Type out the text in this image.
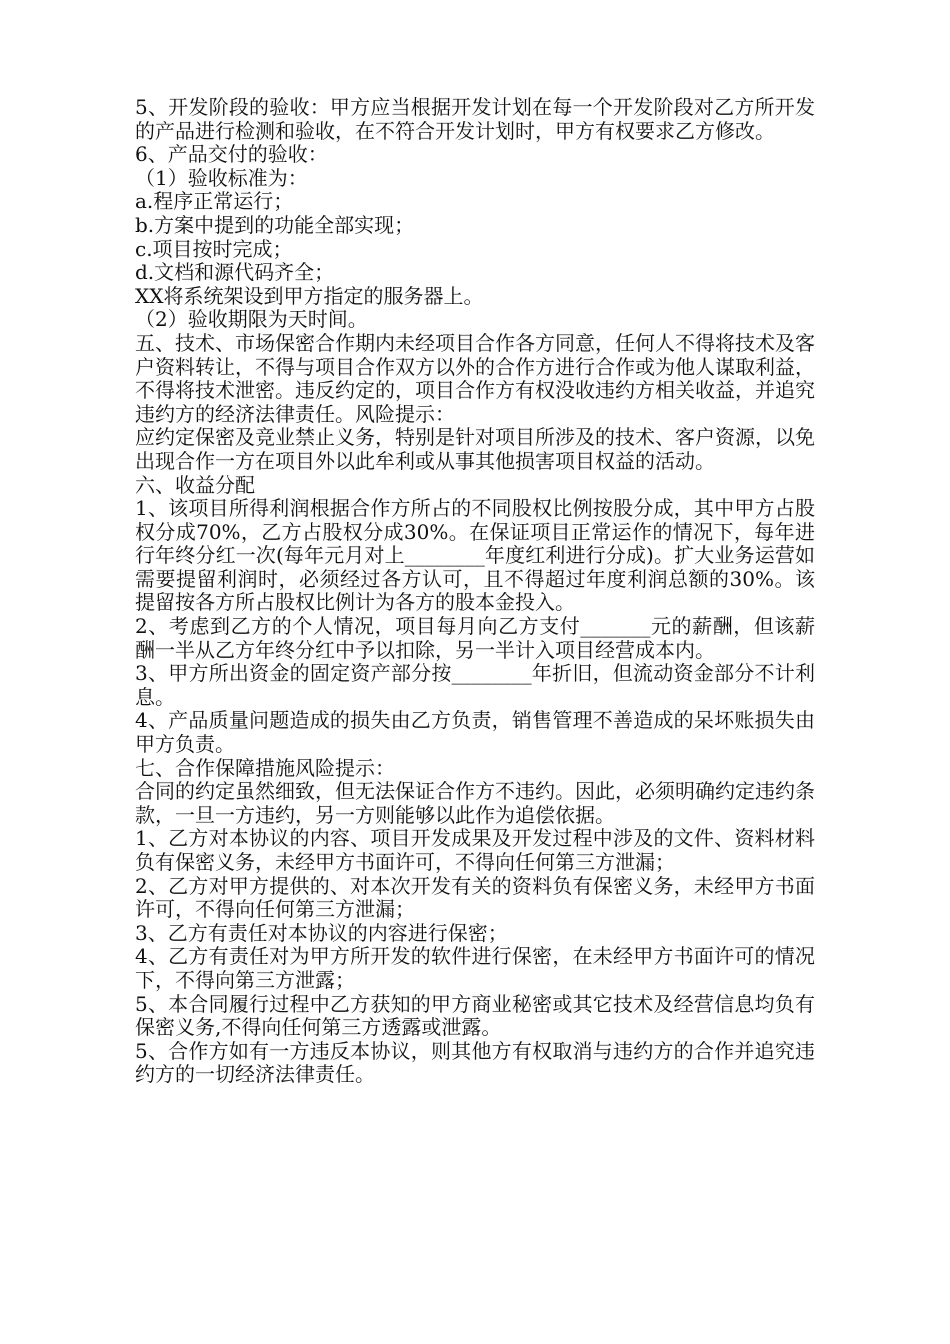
5、开发阶段的验收：甲方应当根据开发计划在每一个开发阶段对乙方所开发的产品进行检测和验收，在不符合开发计划时，甲方有权要求乙方修改。

6、产品交付的验收：

（1）验收标准为：

a.程序正常运行；

b.方案中提到的功能全部实现；

c.项目按时完成；

d.文档和源代码齐全；

XX将系统架设到甲方指定的服务器上。

（2）验收期限为天时间。

五、技术、市场保密合作期内未经项目合作各方同意，任何人不得将技术及客户资料转让，不得与项目合作双方以外的合作方进行合作或为他人谋取利益，不得将技术泄密。违反约定的，项目合作方有权没收违约方相关收益，并追究违约方的经济法律责任。风险提示：

应约定保密及竞业禁止义务，特别是针对项目所涉及的技术、客户资源，以免出现合作一方在项目外以此牟利或从事其他损害项目权益的活动。

六、收益分配

1、该项目所得利润根据合作方所占的不同股权比例按股分成，其中甲方占股权分成70%，乙方占股权分成30%。在保证项目正常运作的情况下，每年进行年终分红一次(每年元月对上________年度红利进行分成)。扩大业务运营如需要提留利润时，必须经过各方认可，且不得超过年度利润总额的30%。该提留按各方所占股权比例计为各方的股本金投入。

2、考虑到乙方的个人情况，项目每月向乙方支付_______元的薪酬，但该薪酬一半从乙方年终分红中予以扣除，另一半计入项目经营成本内。

3、甲方所出资金的固定资产部分按________年折旧，但流动资金部分不计利息。

4、产品质量问题造成的损失由乙方负责，销售管理不善造成的呆坏账损失由甲方负责。

七、合作保障措施风险提示：

合同的约定虽然细致，但无法保证合作方不违约。因此，必须明确约定违约条款，一旦一方违约，另一方则能够以此作为追偿依据。

1、乙方对本协议的内容、项目开发成果及开发过程中涉及的文件、资料材料负有保密义务，未经甲方书面许可，不得向任何第三方泄漏；

2、乙方对甲方提供的、对本次开发有关的资料负有保密义务，未经甲方书面许可，不得向任何第三方泄漏；

3、乙方有责任对本协议的内容进行保密；

4、乙方有责任对为甲方所开发的软件进行保密，在未经甲方书面许可的情况下，不得向第三方泄露；

5、本合同履行过程中乙方获知的甲方商业秘密或其它技术及经营信息均负有保密义务,不得向任何第三方透露或泄露。

5、合作方如有一方违反本协议，则其他方有权取消与违约方的合作并追究违约方的一切经济法律责任。
